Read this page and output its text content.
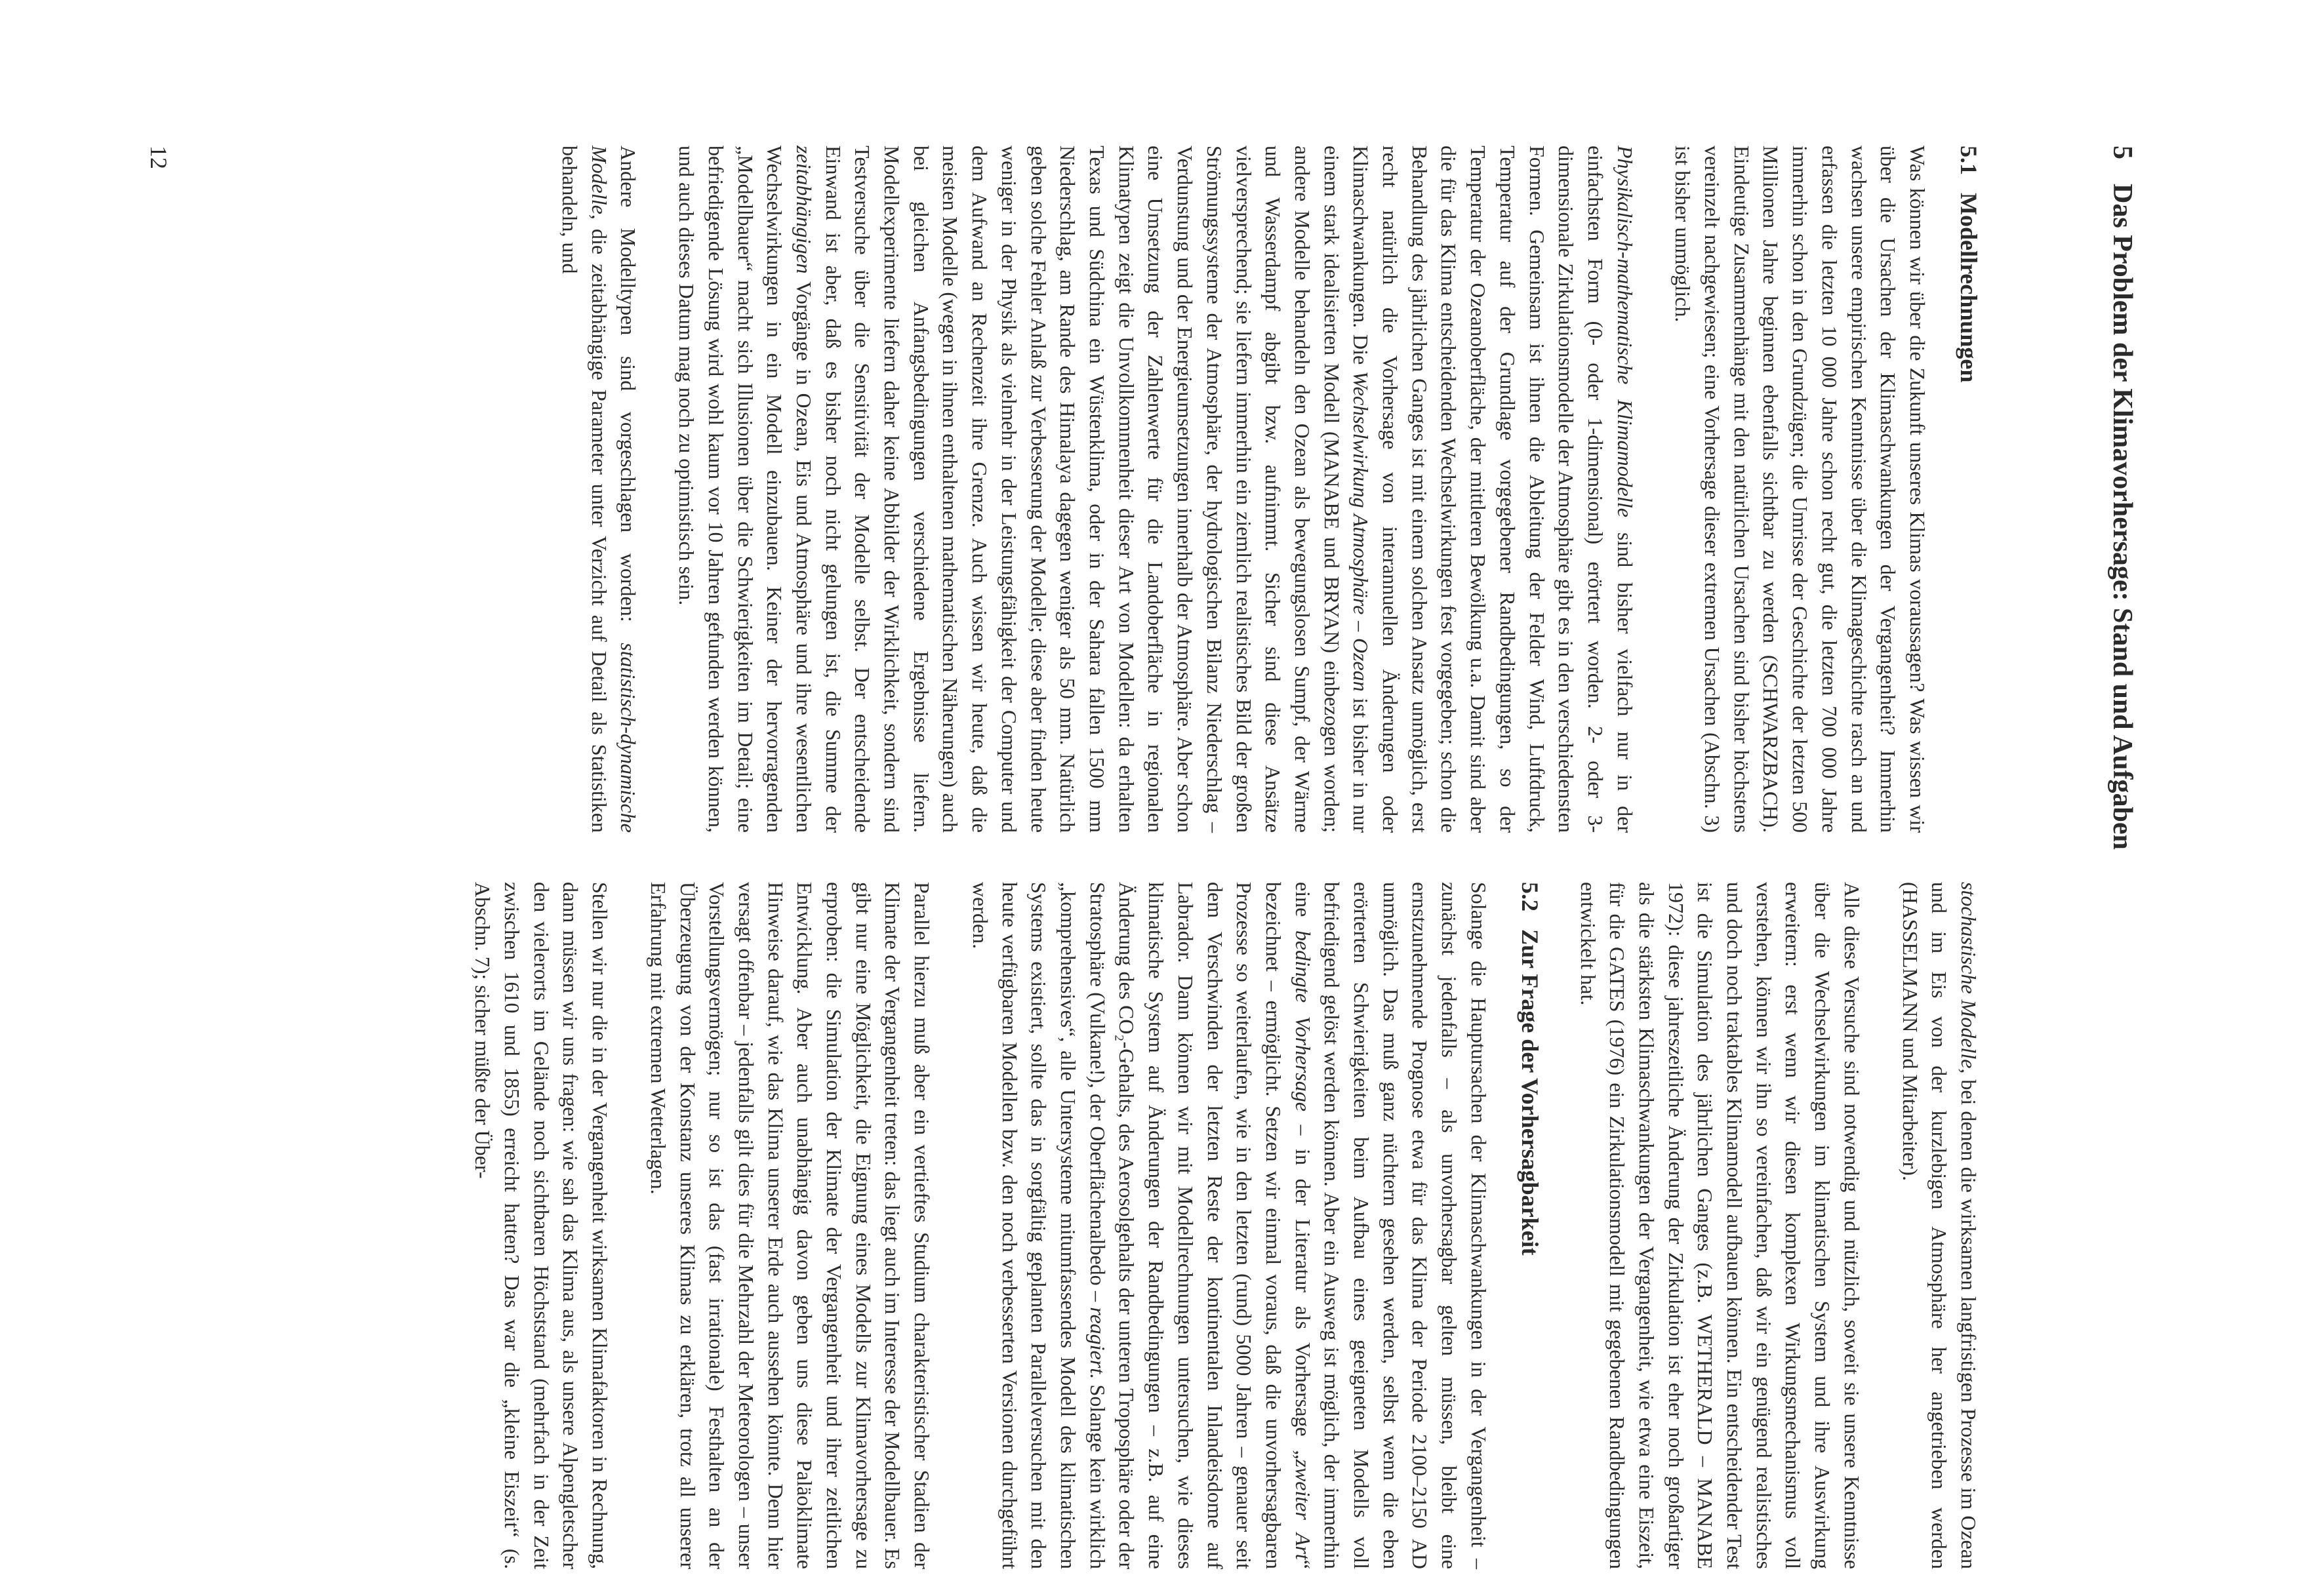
5Das Problem der Klimavorhersage: Stand und Aufgaben
5.1Modellrechnungen

Was können wir über die Zukunft unseres Klimas voraussagen? Was wissen wir über die Ursachen der Klimaschwankungen der Vergangenheit? Immerhin wachsen unsere empirischen Kenntnisse über die Klimageschichte rasch an und erfassen die letzten 10 000 Jahre schon recht gut, die letzten 700 000 Jahre immerhin schon in den Grundzügen; die Umrisse der Geschichte der letzten 500 Millionen Jahre beginnen ebenfalls sichtbar zu werden (SCHWARZBACH). Eindeutige Zusammenhänge mit den natürlichen Ursachen sind bisher höchstens vereinzelt nachgewiesen; eine Vorhersage dieser extremen Ursachen (Abschn. 3) ist bisher unmöglich.

Physikalisch-mathematische Klimamodelle sind bisher vielfach nur in der einfachsten Form (0- oder 1-dimensional) erörtert worden. 2- oder 3-dimensionale Zirkulationsmodelle der Atmosphäre gibt es in den verschiedensten Formen. Gemeinsam ist ihnen die Ableitung der Felder Wind, Luftdruck, Temperatur auf der Grundlage vorgegebener Randbedingungen, so der Temperatur der Ozeanoberfläche, der mittleren Bewölkung u.a. Damit sind aber die für das Klima entscheidenden Wechselwirkungen fest vorgegeben; schon die Behandlung des jährlichen Ganges ist mit einem solchen Ansatz unmöglich, erst recht natürlich die Vorhersage von interannuellen Änderungen oder Klimaschwankungen. Die Wechselwirkung Atmosphäre – Ozean ist bisher in nur einem stark idealisierten Modell (MANABE und BRYAN) einbezogen worden; andere Modelle behandeln den Ozean als bewegungslosen Sumpf, der Wärme und Wasserdampf abgibt bzw. aufnimmt. Sicher sind diese Ansätze vielversprechend; sie liefern immerhin ein ziemlich realistisches Bild der großen Strömungssysteme der Atmosphäre, der hydrologischen Bilanz Niederschlag – Verdunstung und der Energieumsetzungen innerhalb der Atmosphäre. Aber schon eine Umsetzung der Zahlenwerte für die Landoberfläche in regionalen Klimatypen zeigt die Unvollkommenheit dieser Art von Modellen: da erhalten Texas und Südchina ein Wüstenklima, oder in der Sahara fallen 1500 mm Niederschlag, am Rande des Himalaya dagegen weniger als 50 mm. Natürlich geben solche Fehler Anlaß zur Verbesserung der Modelle; diese aber finden heute weniger in der Physik als vielmehr in der Leistungsfähigkeit der Computer und dem Aufwand an Rechenzeit ihre Grenze. Auch wissen wir heute, daß die meisten Modelle (wegen in ihnen enthaltenen mathematischen Näherungen) auch bei gleichen Anfangsbedingungen verschiedene Ergebnisse liefern. Modellexperimente liefern daher keine Abbilder der Wirklichkeit, sondern sind Testversuche über die Sensitivität der Modelle selbst. Der entscheidende Einwand ist aber, daß es bisher noch nicht gelungen ist, die Summe der zeitabhängigen Vorgänge in Ozean, Eis und Atmosphäre und ihre wesentlichen Wechselwirkungen in ein Modell einzubauen. Keiner der hervorragenden „Modellbauer“ macht sich Illusionen über die Schwierigkeiten im Detail; eine befriedigende Lösung wird wohl kaum vor 10 Jahren gefunden werden können, und auch dieses Datum mag noch zu optimistisch sein.

Andere Modelltypen sind vorgeschlagen worden: statistisch-dynamische Modelle, die zeitabhängige Parameter unter Verzicht auf Detail als Statistiken behandeln, und

stochastische Modelle, bei denen die wirksamen langfristigen Prozesse im Ozean und im Eis von der kurzlebigen Atmosphäre her angetrieben werden (HASSELMANN und Mitarbeiter).

Alle diese Versuche sind notwendig und nützlich, soweit sie unsere Kenntnisse über die Wechselwirkungen im klimatischen System und ihre Auswirkung erweitern: erst wenn wir diesen komplexen Wirkungsmechanismus voll verstehen, können wir ihn so vereinfachen, daß wir ein genügend realistisches und doch noch traktables Klimamodell aufbauen können. Ein entscheidender Test ist die Simulation des jährlichen Ganges (z.B. WETHERALD – MANABE 1972): diese jahreszeitliche Änderung der Zirkulation ist eher noch großartiger als die stärksten Klimaschwankungen der Vergangenheit, wie etwa eine Eiszeit, für die GATES (1976) ein Zirkulationsmodell mit gegebenen Randbedingungen entwickelt hat.

5.2Zur Frage der Vorhersagbarkeit

Solange die Hauptursachen der Klimaschwankungen in der Vergangenheit – zunächst jedenfalls – als unvorhersagbar gelten müssen, bleibt eine ernstzunehmende Prognose etwa für das Klima der Periode 2100–2150 AD unmöglich. Das muß ganz nüchtern gesehen werden, selbst wenn die eben erörterten Schwierigkeiten beim Aufbau eines geeigneten Modells voll befriedigend gelöst werden können. Aber ein Ausweg ist möglich, der immerhin eine bedingte Vorhersage – in der Literatur als Vorhersage „zweiter Art“ bezeichnet – ermöglicht. Setzen wir einmal voraus, daß die unvorhersagbaren Prozesse so weiterlaufen, wie in den letzten (rund) 5000 Jahren – genauer seit dem Verschwinden der letzten Reste der kontinentalen Inlandeisdome auf Labrador. Dann können wir mit Modellrechnungen untersuchen, wie dieses klimatische System auf Änderungen der Randbedingungen – z.B. auf eine Änderung des CO₂-Gehalts, des Aerosolgehalts der unteren Troposphäre oder der Stratosphäre (Vulkane!), der Oberflächenalbedo – reagiert. Solange kein wirklich „komprehensives“, alle Untersysteme mitumfassendes Modell des klimatischen Systems existiert, sollte das in sorgfältig geplanten Parallelversuchen mit den heute verfügbaren Modellen bzw. den noch verbesserten Versionen durchgeführt werden.

Parallel hierzu muß aber ein vertieftes Studium charakteristischer Stadien der Klimate der Vergangenheit treten: das liegt auch im Interesse der Modellbauer. Es gibt nur eine Möglichkeit, die Eignung eines Modells zur Klimavorhersage zu erproben: die Simulation der Klimate der Vergangenheit und ihrer zeitlichen Entwicklung. Aber auch unabhängig davon geben uns diese Paläoklimate Hinweise darauf, wie das Klima unserer Erde auch aussehen könnte. Denn hier versagt offenbar – jedenfalls gilt dies für die Mehrzahl der Meteorologen – unser Vorstellungsvermögen; nur so ist das (fast irrationale) Festhalten an der Überzeugung von der Konstanz unseres Klimas zu erklären, trotz all unserer Erfahrung mit extremen Wetterlagen.

Stellen wir nur die in der Vergangenheit wirksamen Klimafaktoren in Rechnung, dann müssen wir uns fragen: wie sah das Klima aus, als unsere Alpengletscher den vielerorts im Gelände noch sichtbaren Höchststand (mehrfach in der Zeit zwischen 1610 und 1855) erreicht hatten? Das war die „kleine Eiszeit“ (s. Abschn. 7); sicher müßte der Über-

12
